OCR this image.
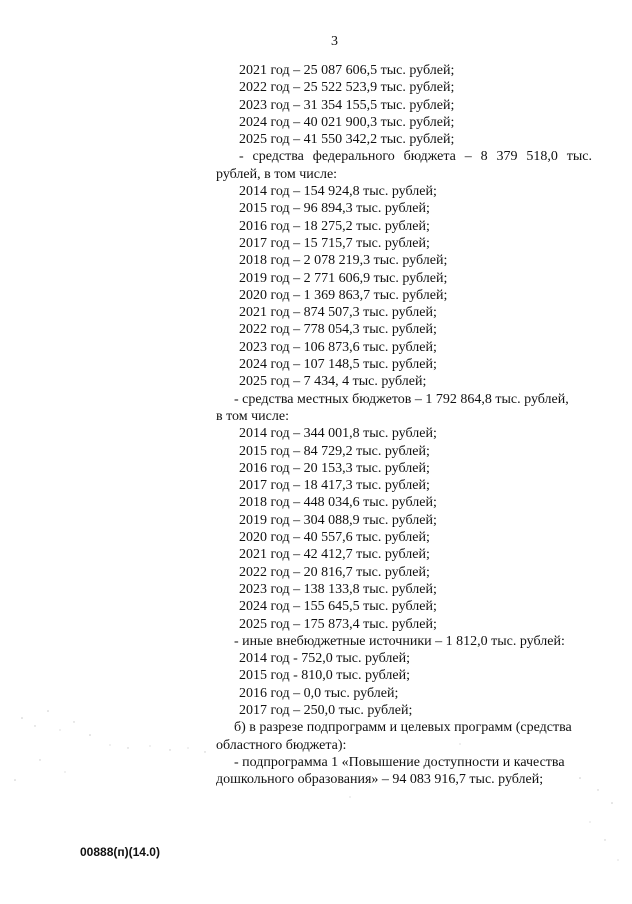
3
2021 год – 25 087 606,5 тыс. рублей;
2022 год – 25 522 523,9 тыс. рублей;
2023 год – 31 354 155,5 тыс. рублей;
2024 год – 40 021 900,3 тыс. рублей;
2025 год – 41 550 342,2 тыс. рублей;
- средства федерального бюджета – 8 379 518,0 тыс.
рублей, в том числе:
2014 год – 154 924,8 тыс. рублей;
2015 год – 96 894,3 тыс. рублей;
2016 год – 18 275,2 тыс. рублей;
2017 год – 15 715,7 тыс. рублей;
2018 год – 2 078 219,3 тыс. рублей;
2019 год – 2 771 606,9 тыс. рублей;
2020 год – 1 369 863,7 тыс. рублей;
2021 год – 874 507,3 тыс. рублей;
2022 год – 778 054,3 тыс. рублей;
2023 год – 106 873,6 тыс. рублей;
2024 год – 107 148,5 тыс. рублей;
2025 год – 7 434, 4 тыс. рублей;
- средства местных бюджетов – 1 792 864,8 тыс. рублей,
в том числе:
2014 год – 344 001,8 тыс. рублей;
2015 год – 84 729,2 тыс. рублей;
2016 год – 20 153,3 тыс. рублей;
2017 год – 18 417,3 тыс. рублей;
2018 год – 448 034,6 тыс. рублей;
2019 год – 304 088,9 тыс. рублей;
2020 год – 40 557,6 тыс. рублей;
2021 год – 42 412,7 тыс. рублей;
2022 год – 20 816,7 тыс. рублей;
2023 год – 138 133,8 тыс. рублей;
2024 год – 155 645,5 тыс. рублей;
2025 год – 175 873,4 тыс. рублей;
- иные внебюджетные источники – 1 812,0 тыс. рублей:
2014 год - 752,0 тыс. рублей;
2015 год - 810,0 тыс. рублей;
2016 год – 0,0 тыс. рублей;
2017 год – 250,0 тыс. рублей;
б) в разрезе подпрограмм и целевых программ (средства
областного бюджета):
- подпрограмма 1 «Повышение доступности и качества
дошкольного образования» – 94 083 916,7 тыс. рублей;
00888(п)(14.0)
